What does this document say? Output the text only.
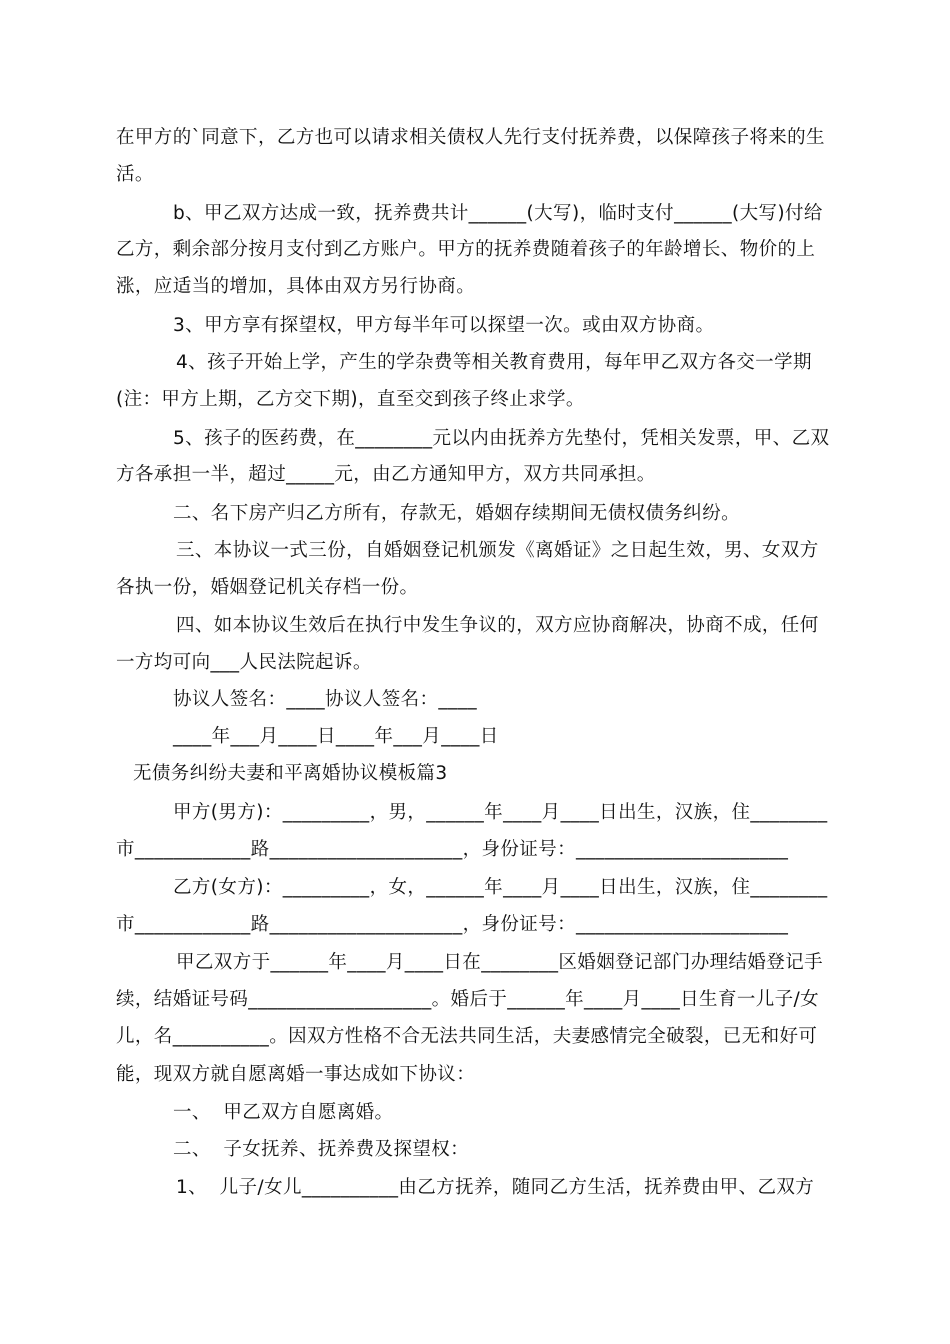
在甲方的`同意下，乙方也可以请求相关债权人先行支付抚养费，以保障孩子将来的生
活。
b、甲乙双方达成一致，抚养费共计______(大写)，临时支付______(大写)付给
乙方，剩余部分按月支付到乙方账户。甲方的抚养费随着孩子的年龄增长、物价的上
涨，应适当的增加，具体由双方另行协商。
3、甲方享有探望权，甲方每半年可以探望一次。或由双方协商。
4、孩子开始上学，产生的学杂费等相关教育费用，每年甲乙双方各交一学期
(注：甲方上期，乙方交下期)，直至交到孩子终止求学。
5、孩子的医药费，在________元以内由抚养方先垫付，凭相关发票，甲、乙双
方各承担一半，超过_____元，由乙方通知甲方，双方共同承担。
二、名下房产归乙方所有，存款无，婚姻存续期间无债权债务纠纷。
三、本协议一式三份，自婚姻登记机颁发《离婚证》之日起生效，男、女双方
各执一份，婚姻登记机关存档一份。
四、如本协议生效后在执行中发生争议的，双方应协商解决，协商不成，任何
一方均可向___人民法院起诉。
协议人签名：____协议人签名：____
____年___月____日____年___月____日
无债务纠纷夫妻和平离婚协议模板篇3
甲方(男方)：_________，男，______年____月____日出生，汉族，住________
市____________路____________________，身份证号：______________________
乙方(女方)：_________，女，______年____月____日出生，汉族，住________
市____________路____________________，身份证号：______________________
甲乙双方于______年____月____日在________区婚姻登记部门办理结婚登记手
续，结婚证号码___________________。婚后于______年____月____日生育一儿子/女
儿，名__________。因双方性格不合无法共同生活，夫妻感情完全破裂，已无和好可
能，现双方就自愿离婚一事达成如下协议：
一、  甲乙双方自愿离婚。
二、  子女抚养、抚养费及探望权：
1、  儿子/女儿__________由乙方抚养，随同乙方生活，抚养费由甲、乙双方
